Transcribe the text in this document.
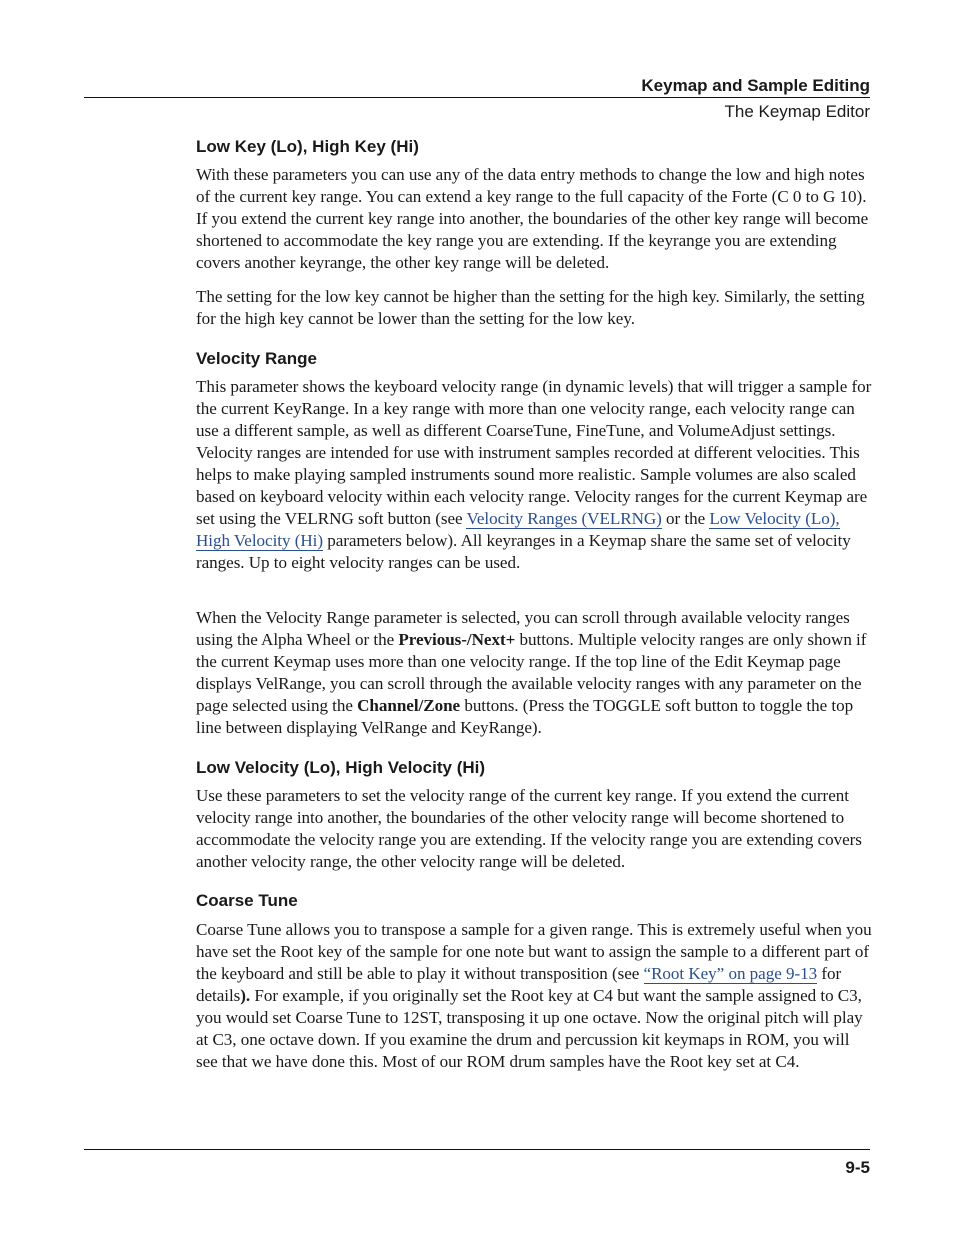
Keymap and Sample Editing
The Keymap Editor
Low Key (Lo), High Key (Hi)

With these parameters you can use any of the data entry methods to change the low and high notes of the current key range. You can extend a key range to the full capacity of the Forte (C 0 to G 10). If you extend the current key range into another, the boundaries of the other key range will become shortened to accommodate the key range you are extending. If the keyrange you are extending covers another keyrange, the other key range will be deleted.

The setting for the low key cannot be higher than the setting for the high key. Similarly, the setting for the high key cannot be lower than the setting for the low key.

Velocity Range

This parameter shows the keyboard velocity range (in dynamic levels) that will trigger a sample for the current KeyRange. In a key range with more than one velocity range, each velocity range can use a different sample, as well as different CoarseTune, FineTune, and VolumeAdjust settings. Velocity ranges are intended for use with instrument samples recorded at different velocities. This helps to make playing sampled instruments sound more realistic. Sample volumes are also scaled based on keyboard velocity within each velocity range. Velocity ranges for the current Keymap are set using the VELRNG soft button (see Velocity Ranges (VELRNG) or the Low Velocity (Lo), High Velocity (Hi) parameters below). All keyranges in a Keymap share the same set of velocity ranges. Up to eight velocity ranges can be used.

When the Velocity Range parameter is selected, you can scroll through available velocity ranges using the Alpha Wheel or the Previous-/Next+ buttons. Multiple velocity ranges are only shown if the current Keymap uses more than one velocity range. If the top line of the Edit Keymap page displays VelRange, you can scroll through the available velocity ranges with any parameter on the page selected using the Channel/Zone buttons. (Press the TOGGLE soft button to toggle the top line between displaying VelRange and KeyRange).

Low Velocity (Lo), High Velocity (Hi)

Use these parameters to set the velocity range of the current key range. If you extend the current velocity range into another, the boundaries of the other velocity range will become shortened to accommodate the velocity range you are extending. If the velocity range you are extending covers another velocity range, the other velocity range will be deleted.

Coarse Tune

Coarse Tune allows you to transpose a sample for a given range. This is extremely useful when you have set the Root key of the sample for one note but want to assign the sample to a different part of the keyboard and still be able to play it without transposition (see “Root Key” on page 9-13 for details). For example, if you originally set the Root key at C4 but want the sample assigned to C3, you would set Coarse Tune to 12ST, transposing it up one octave. Now the original pitch will play at C3, one octave down. If you examine the drum and percussion kit keymaps in ROM, you will see that we have done this. Most of our ROM drum samples have the Root key set at C4.

9-5
